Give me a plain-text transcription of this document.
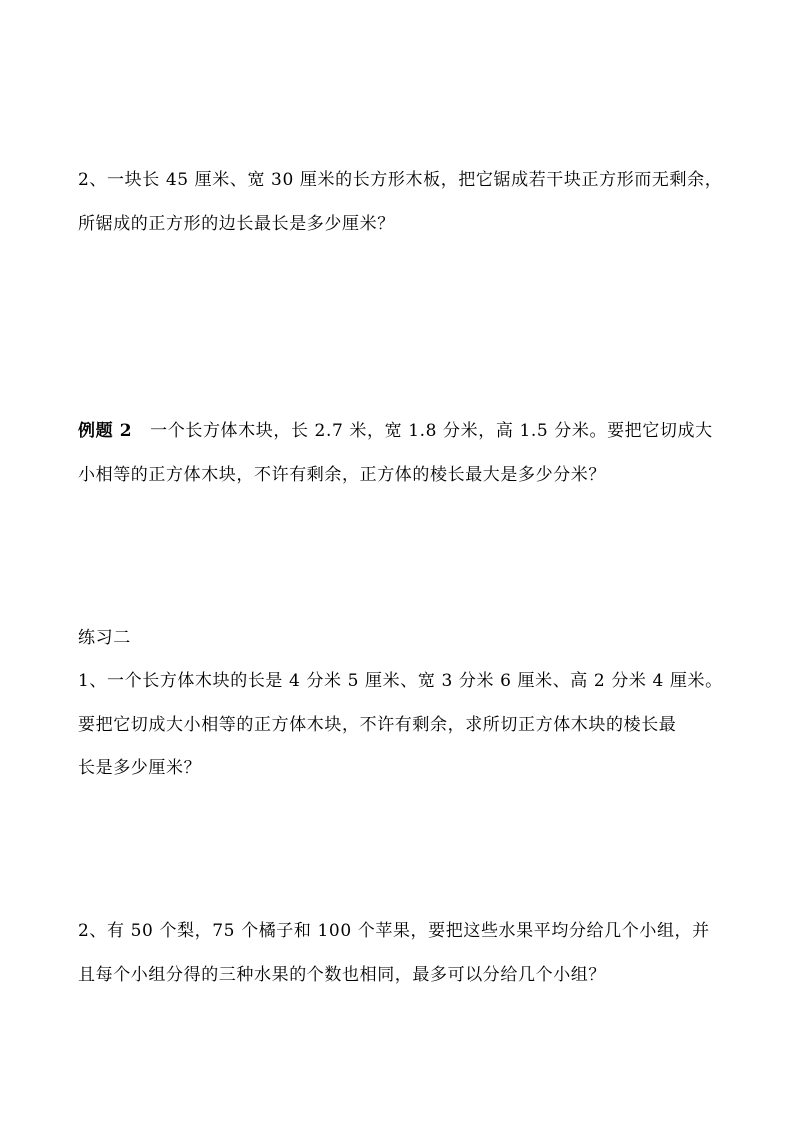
2、一块长 45 厘米、宽 30 厘米的长方形木板，把它锯成若干块正方形而无剩余，
所锯成的正方形的边长最长是多少厘米？
例题 2 一个长方体木块，长 2.7 米，宽 1.8 分米，高 1.5 分米。要把它切成大
小相等的正方体木块，不许有剩余，正方体的棱长最大是多少分米？
练习二
1、一个长方体木块的长是 4 分米 5 厘米、宽 3 分米 6 厘米、高 2 分米 4 厘米。
要把它切成大小相等的正方体木块，不许有剩余，求所切正方体木块的棱长最
长是多少厘米？
2、有 50 个梨，75 个橘子和 100 个苹果，要把这些水果平均分给几个小组，并
且每个小组分得的三种水果的个数也相同，最多可以分给几个小组？
